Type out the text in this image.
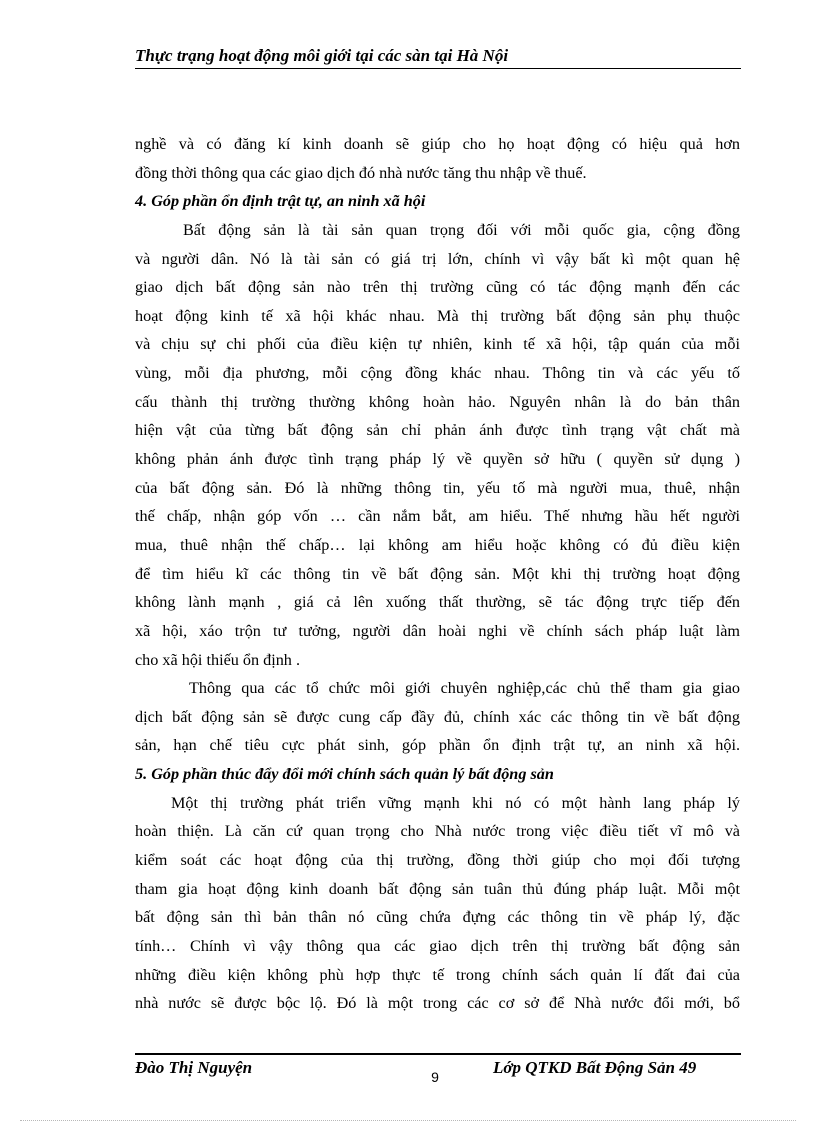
Thực trạng hoạt động môi giới tại các sàn tại Hà Nội
nghề và có đăng kí kinh doanh sẽ giúp cho họ hoạt động có hiệu quả hơn
đồng thời thông qua các giao dịch đó nhà nước tăng thu nhập về thuế.
4. Góp phần ổn định trật tự, an ninh xã hội
Bất động sản là tài sản quan trọng đối với mỗi quốc gia, cộng đồng
và người dân. Nó là tài sản có giá trị lớn, chính vì vậy bất kì một quan hệ
giao dịch bất động sản nào trên thị trường cũng có tác động mạnh đến các
hoạt động kinh tế xã hội khác nhau. Mà thị trường bất động sản phụ thuộc
và chịu sự chi phối của điều kiện tự nhiên, kinh tế xã hội, tập quán của mỗi
vùng, mỗi địa phương, mỗi cộng đồng khác nhau. Thông tin và các yếu tố
cấu thành thị trường thường không hoàn hảo. Nguyên nhân là do bản thân
hiện vật của từng bất động sản chỉ phản ánh được tình trạng vật chất mà
không phản ánh được tình trạng pháp lý về quyền sở hữu ( quyền sử dụng )
của bất động sản. Đó là những thông tin, yếu tố mà người mua, thuê, nhận
thế chấp, nhận góp vốn … cần nắm bắt, am hiểu. Thế nhưng hầu hết người
mua, thuê nhận thế chấp… lại không am hiểu hoặc không có đủ điều kiện
để tìm hiểu kĩ các thông tin về bất động sản. Một khi thị trường hoạt động
không lành mạnh , giá cả lên xuống thất thường, sẽ tác động trực tiếp đến
xã hội, xáo trộn tư tưởng, người dân hoài nghi về chính sách pháp luật làm
cho xã hội thiếu ổn định .
Thông qua các tổ chức môi giới chuyên nghiệp,các chủ thể tham gia giao
dịch bất động sản sẽ được cung cấp đầy đủ, chính xác các thông tin về bất động
sản, hạn chế tiêu cực phát sinh, góp phần ổn định trật tự, an ninh xã hội.
5. Góp phần thúc đẩy đổi mới chính sách quản lý bất động sản
Một thị trường phát triển vững mạnh khi nó có một hành lang pháp lý
hoàn thiện. Là căn cứ quan trọng cho Nhà nước trong việc điều tiết vĩ mô và
kiểm soát các hoạt động của thị trường, đồng thời giúp cho mọi đối tượng
tham gia hoạt động kinh doanh bất động sản tuân thủ đúng pháp luật. Mỗi một
bất động sản thì bản thân nó cũng chứa đựng các thông tin về pháp lý, đặc
tính… Chính vì vậy thông qua các giao dịch trên thị trường bất động sản
những điều kiện không phù hợp thực tế trong chính sách quản lí đất đai của
nhà nước sẽ được bộc lộ. Đó là một trong các cơ sở để Nhà nước đổi mới, bổ
Đào Thị Nguyện	9	Lớp QTKD Bất Động Sản 49
